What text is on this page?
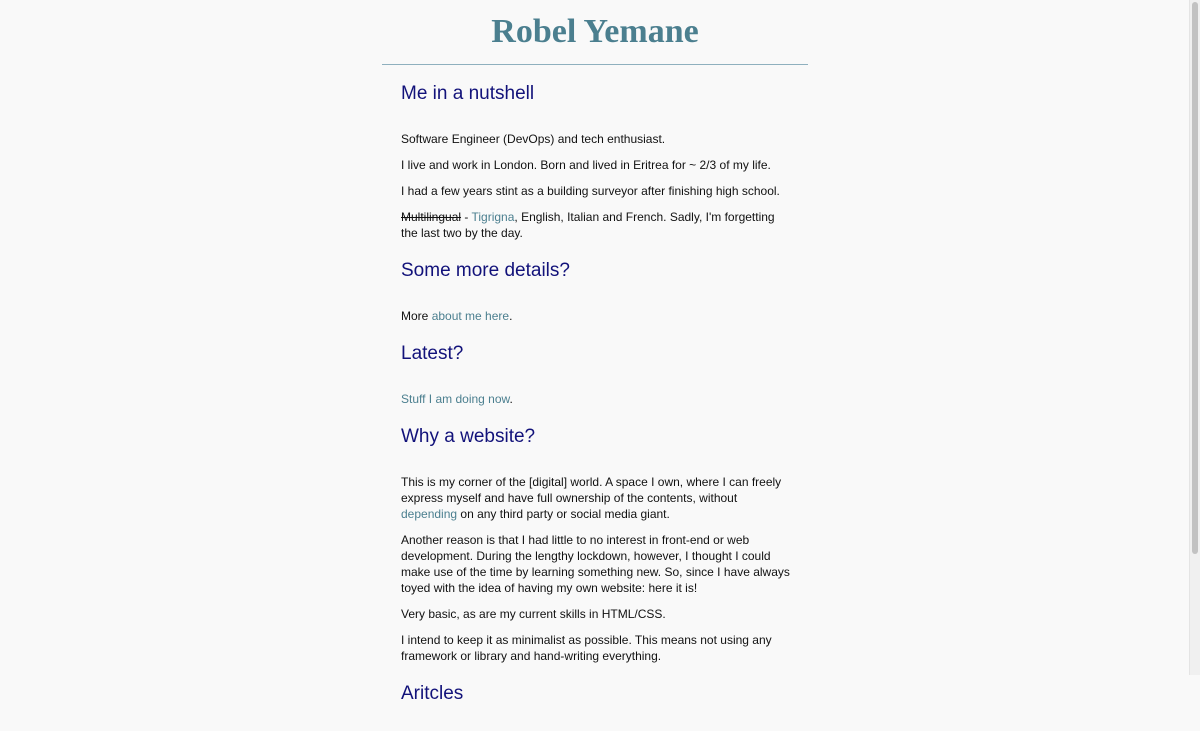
Robel Yemane
Me in a nutshell

Software Engineer (DevOps) and tech enthusiast.

I live and work in London. Born and lived in Eritrea for ~ 2/3 of my life.

I had a few years stint as a building surveyor after finishing high school.

Multilingual - Tigrigna, English, Italian and French. Sadly, I'm forgetting the last two by the day.

Some more details?

More about me here.

Latest?

Stuff I am doing now.

Why a website?

This is my corner of the [digital] world. A space I own, where I can freely express myself and have full ownership of the contents, without depending on any third party or social media giant.

Another reason is that I had little to no interest in front-end or web development. During the lengthy lockdown, however, I thought I could make use of the time by learning something new. So, since I have always toyed with the idea of having my own website: here it is!

Very basic, as are my current skills in HTML/CSS.

I intend to keep it as minimalist as possible. This means not using any framework or library and hand-writing everything.

Aritcles
